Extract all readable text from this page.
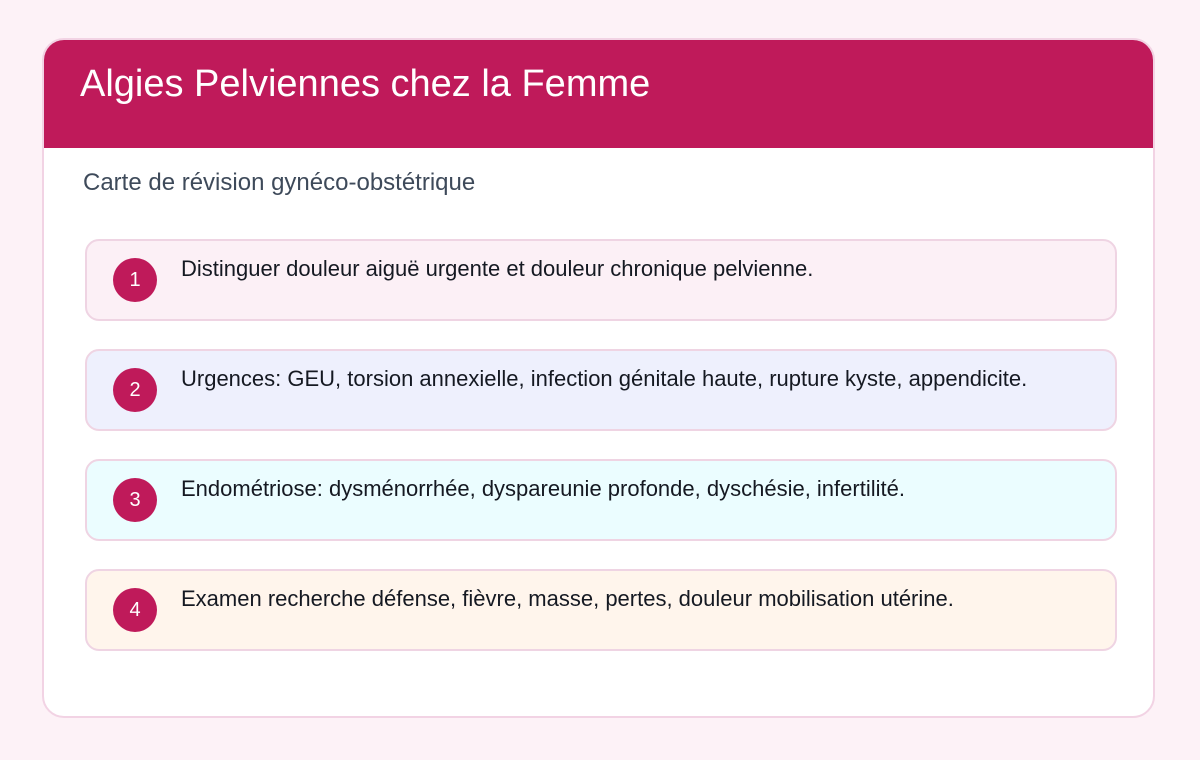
Algies Pelviennes chez la Femme
Carte de révision gynéco-obstétrique
1	Distinguer douleur aiguë urgente et douleur chronique pelvienne.
2	Urgences: GEU, torsion annexielle, infection génitale haute, rupture kyste, appendicite.
3	Endométriose: dysménorrhée, dyspareunie profonde, dyschésie, infertilité.
4	Examen recherche défense, fièvre, masse, pertes, douleur mobilisation utérine.
